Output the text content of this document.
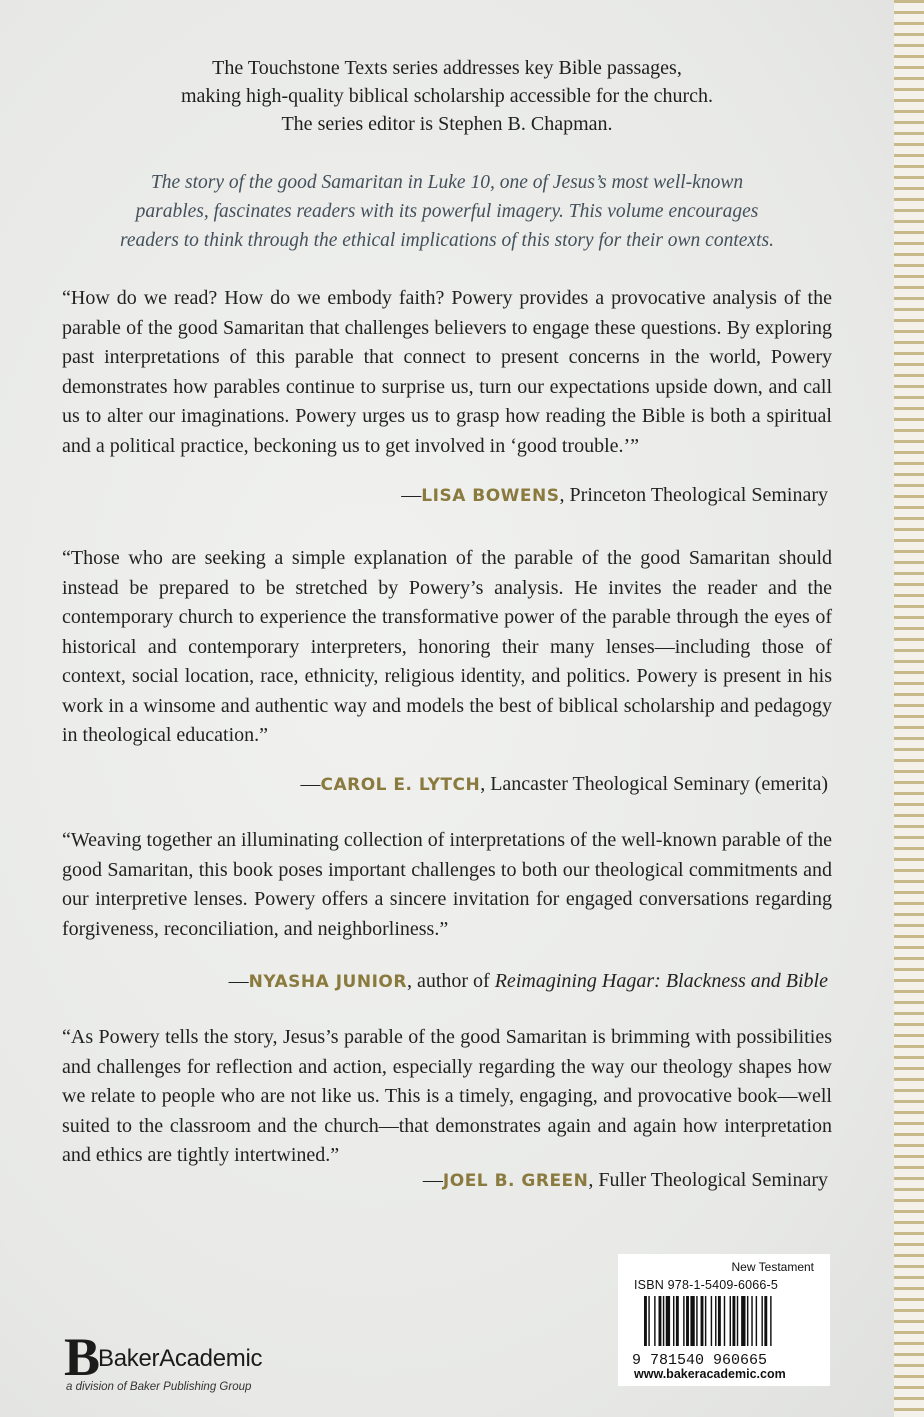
The Touchstone Texts series addresses key Bible passages,
making high-quality biblical scholarship accessible for the church.
The series editor is Stephen B. Chapman.
The story of the good Samaritan in Luke 10, one of Jesus’s most well-known
parables, fascinates readers with its powerful imagery. This volume encourages
readers to think through the ethical implications of this story for their own contexts.
“How do we read? How do we embody faith? Powery provides a provocative analysis of the parable of the good Samaritan that challenges believers to engage these questions. By exploring past interpretations of this parable that connect to present concerns in the world, Powery demonstrates how parables continue to surprise us, turn our expectations upside down, and call us to alter our imaginations. Powery urges us to grasp how reading the Bible is both a spiritual and a political practice, beckoning us to get involved in ‘good trouble.’”
—LISA BOWENS, Princeton Theological Seminary
“Those who are seeking a simple explanation of the parable of the good Samaritan should instead be prepared to be stretched by Powery’s analysis. He invites the reader and the contemporary church to experience the transformative power of the parable through the eyes of historical and contemporary interpreters, honoring their many lenses—including those of context, social location, race, ethnicity, religious identity, and politics. Powery is present in his work in a winsome and authentic way and models the best of biblical scholarship and pedagogy in theological education.”
—CAROL E. LYTCH, Lancaster Theological Seminary (emerita)
“Weaving together an illuminating collection of interpretations of the well-known parable of the good Samaritan, this book poses important challenges to both our theological commitments and our interpretive lenses. Powery offers a sincere invitation for engaged conversations regarding forgiveness, reconciliation, and neighborliness.”
—NYASHA JUNIOR, author of Reimagining Hagar: Blackness and Bible
“As Powery tells the story, Jesus’s parable of the good Samaritan is brimming with possibilities and challenges for reflection and action, especially regarding the way our theology shapes how we relate to people who are not like us. This is a timely, engaging, and provocative book—well suited to the classroom and the church—that demonstrates again and again how interpretation and ethics are tightly intertwined.”
—JOEL B. GREEN, Fuller Theological Seminary
B
BakerAcademic
a division of Baker Publishing Group
New Testament
ISBN 978-1-5409-6066-5
9 781540 960665
www.bakeracademic.com
